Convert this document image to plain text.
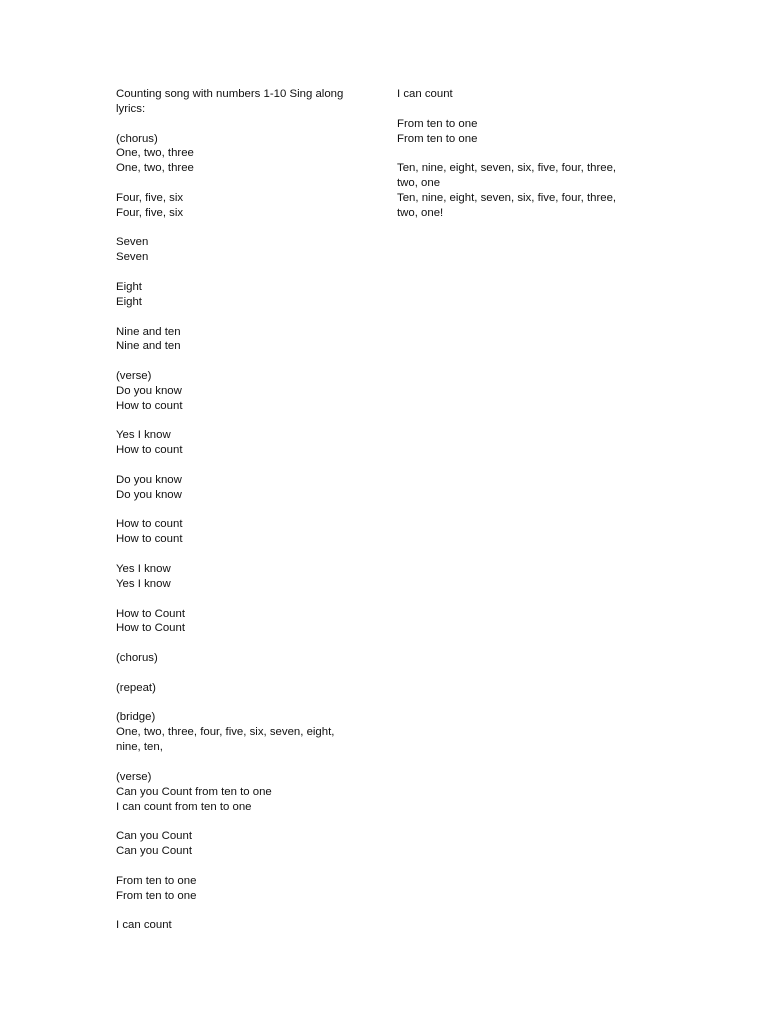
Counting song with numbers 1-10 Sing along lyrics:
(chorus)
One, two, three
One, two, three
Four, five, six
Four, five, six
Seven
Seven
Eight
Eight
Nine and ten
Nine and ten
(verse)
Do you know
How to count
Yes I know
How to count
Do you know
Do you know
How to count
How to count
Yes I know
Yes I know
How to Count
How to Count
(chorus)
(repeat)
(bridge)
One, two, three, four, five, six, seven, eight, nine, ten,
(verse)
Can you Count from ten to one
I can count from ten to one
Can you Count
Can you Count
From ten to one
From ten to one
I can count
I can count
From ten to one
From ten to one
Ten, nine, eight, seven, six, five, four, three, two, one
Ten, nine, eight, seven, six, five, four, three, two, one!
